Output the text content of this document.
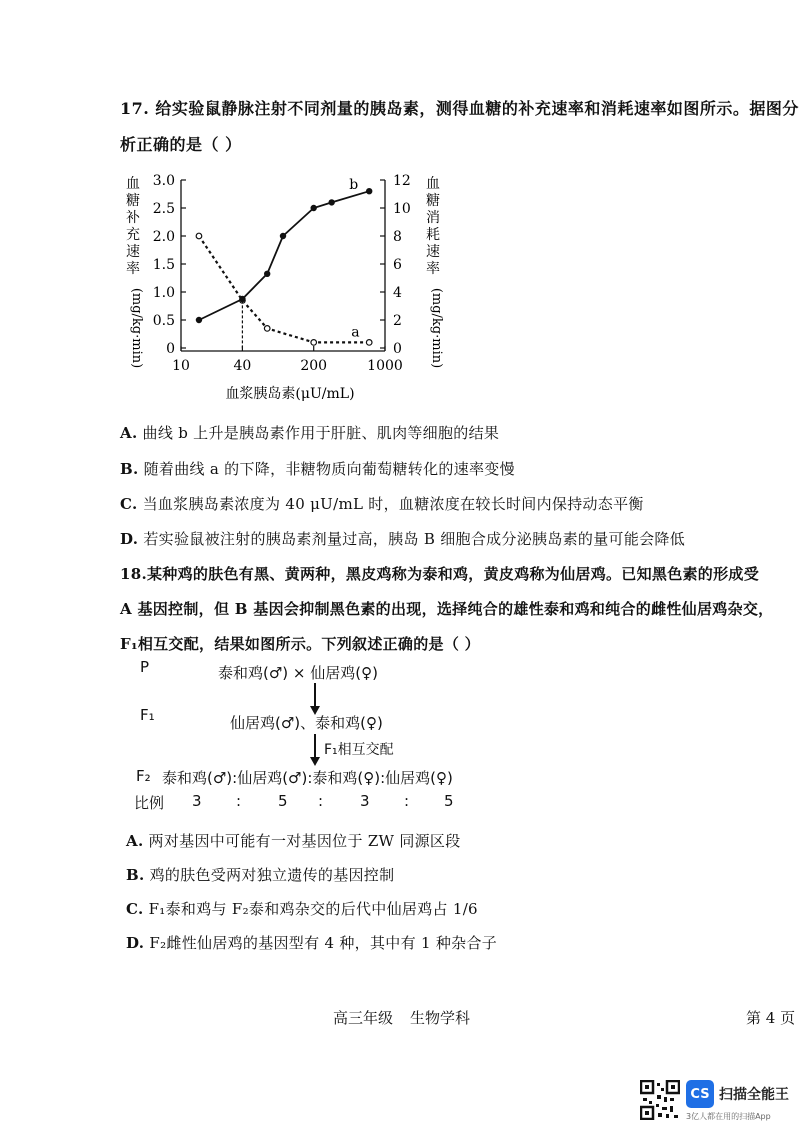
17. 给实验鼠静脉注射不同剂量的胰岛素，测得血糖的补充速率和消耗速率如图所示。据图分
析正确的是（ ）
血
糖
补
充
速
率
(mg/kg·min)
血
糖
消
耗
速
率
(mg/kg·min)
0
0.5
1.0
1.5
2.0
2.5
3.0
0
2
4
6
8
10
12
10	40	200	1000
a
b
血浆胰岛素(μU/mL)
A. 曲线 b 上升是胰岛素作用于肝脏、肌肉等细胞的结果
B. 随着曲线 a 的下降，非糖物质向葡萄糖转化的速率变慢
C. 当血浆胰岛素浓度为 40 μU/mL 时，血糖浓度在较长时间内保持动态平衡
D. 若实验鼠被注射的胰岛素剂量过高，胰岛 B 细胞合成分泌胰岛素的量可能会降低
18.某种鸡的肤色有黑、黄两种，黑皮鸡称为泰和鸡，黄皮鸡称为仙居鸡。已知黑色素的形成受
A 基因控制，但 B 基因会抑制黑色素的出现，选择纯合的雄性泰和鸡和纯合的雌性仙居鸡杂交，
F₁相互交配，结果如图所示。下列叙述正确的是（ ）
P	泰和鸡(♂) × 仙居鸡(♀)
F₁	仙居鸡(♂)、泰和鸡(♀)
F₁相互交配
F₂ 泰和鸡(♂):仙居鸡(♂):泰和鸡(♀):仙居鸡(♀)
比例 3 : 5 : 3 : 5
A. 两对基因中可能有一对基因位于 ZW 同源区段
B. 鸡的肤色受两对独立遗传的基因控制
C. F₁泰和鸡与 F₂泰和鸡杂交的后代中仙居鸡占 1/6
D. F₂雌性仙居鸡的基因型有 4 种，其中有 1 种杂合子
高三年级 生物学科	第 4 页
CS 扫描全能王
3亿人都在用的扫描App
